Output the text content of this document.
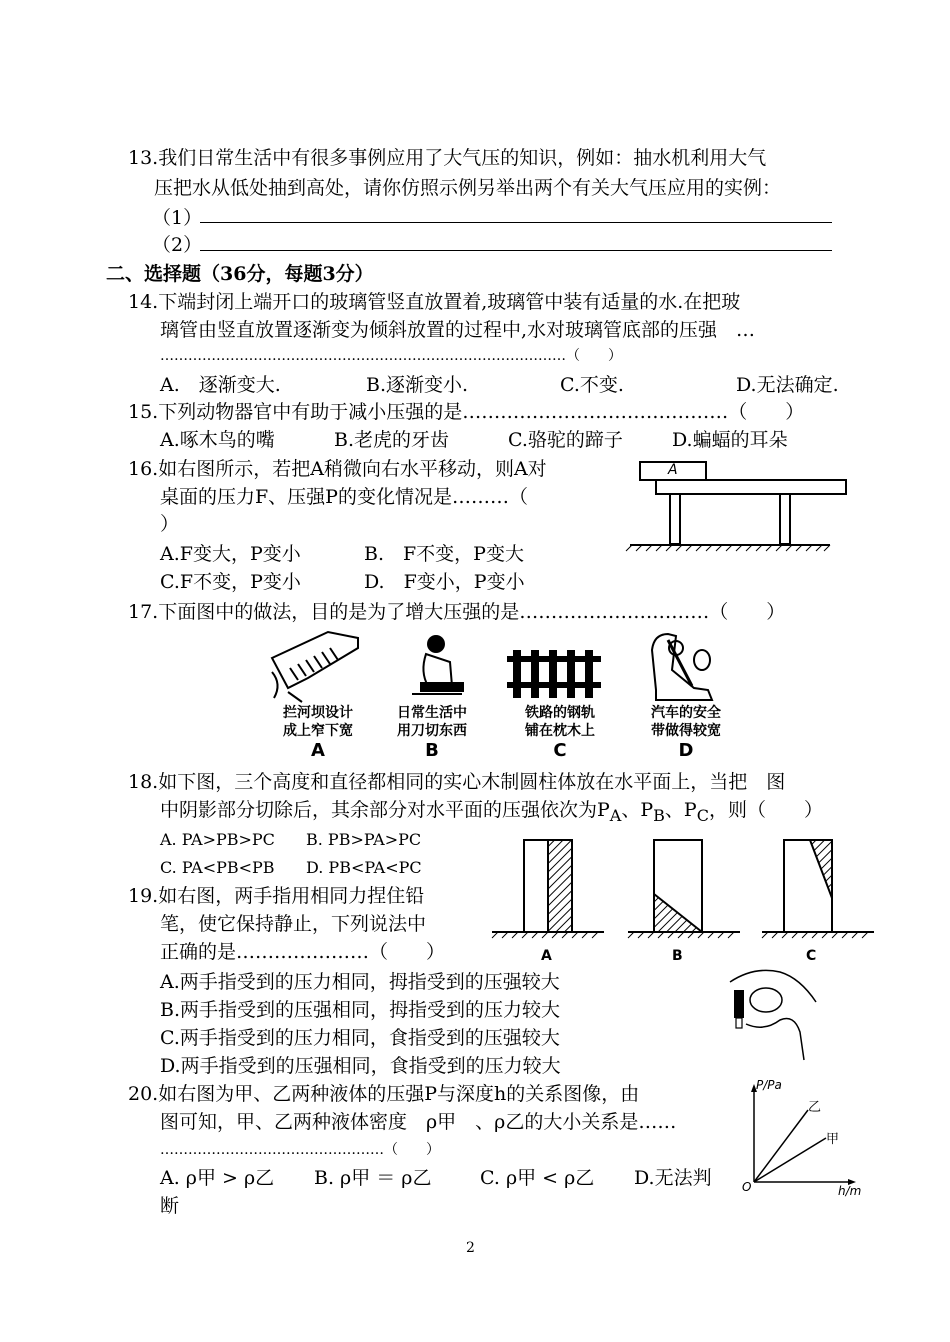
13.我们日常生活中有很多事例应用了大气压的知识，例如：抽水机利用大气
压把水从低处抽到高处，请你仿照示例另举出两个有关大气压应用的实例：
（1）
（2）
二、选择题（36分，每题3分）
14.下端封闭上端开口的玻璃管竖直放置着,玻璃管中装有适量的水.在把玻
璃管由竖直放置逐渐变为倾斜放置的过程中,水对玻璃管底部的压强　…
……………………………………………………………………………（　　）
A.　逐渐变大.	B.逐渐变小.	C.不变.	D.无法确定.
15.下列动物器官中有助于减小压强的是……………………………………（　　）
A.啄木鸟的嘴	B.老虎的牙齿	C.骆驼的蹄子	D.蝙蝠的耳朵
16.如右图所示，若把A稍微向右水平移动，则A对
桌面的压力F、压强P的变化情况是………（
）
A.F变大，P变小	B.　F不变，P变大
C.F不变，P变小	D.　F变小，P变小
A
17.下面图中的做法，目的是为了增大压强的是…………………………（　　）
拦河坝设计
成上窄下宽
A
日常生活中
用刀切东西
B
铁路的钢轨
铺在枕木上
C
汽车的安全
带做得较宽
D
18.如下图，三个高度和直径都相同的实心木制圆柱体放在水平面上，当把　图
中阴影部分切除后，其余部分对水平面的压强依次为$P_A$、$P_B$、$P_C$，则（　　）
A. PA>PB>PC B. PB>PA>PC
C. PA<PB<PB D. PB<PA<PC
A	B	C
19.如右图，两手指用相同力捏住铅
笔，使它保持静止，下列说法中
正确的是…………………（　　）
A.两手指受到的压力相同，拇指受到的压强较大
B.两手指受到的压强相同，拇指受到的压力较大
C.两手指受到的压力相同，食指受到的压强较大
D.两手指受到的压强相同，食指受到的压力较大
20.如右图为甲、乙两种液体的压强P与深度h的关系图像，由
图可知，甲、乙两种液体密度　ρ甲　、ρ乙的大小关系是……
…………………………………………（　　）
A. ρ甲 > ρ乙 B. ρ甲 ＝ ρ乙	C. ρ甲 < ρ乙 D.无法判
断
P/Pa
h/m
O
乙
甲
2
